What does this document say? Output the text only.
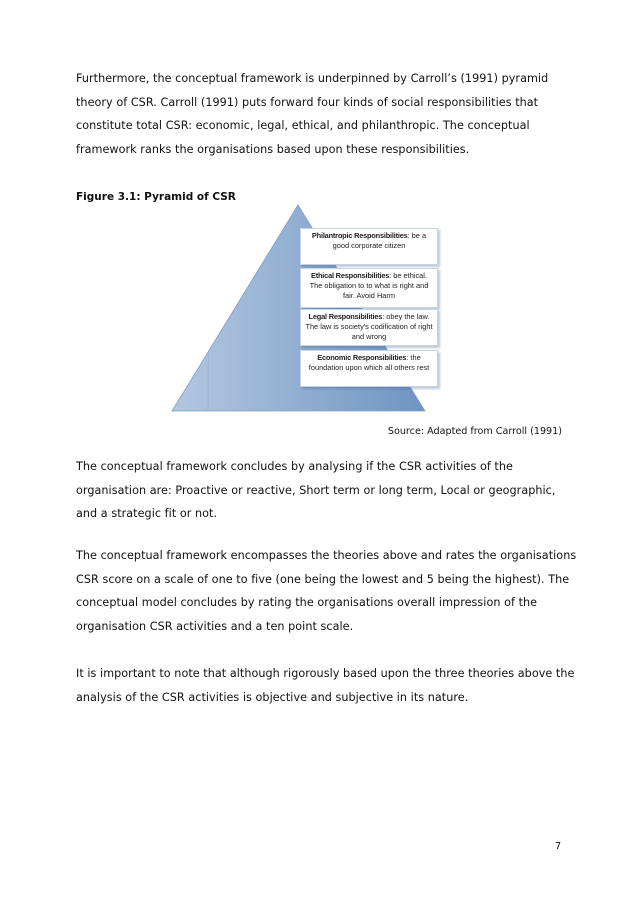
Furthermore, the conceptual framework is underpinned by Carroll’s (1991) pyramid
theory of CSR. Carroll (1991) puts forward four kinds of social responsibilities that
constitute total CSR: economic, legal, ethical, and philanthropic. The conceptual
framework ranks the organisations based upon these responsibilities.

Figure 3.1: Pyramid of CSR

Philantropic Responsibilities: be a good corporate citizen
Ethical Responsibilities: be ethical. The obligation to to what is right and fair. Avoid Harm
Legal Responsibilities: obey the law. The law is society's codification of right and wrong
Economic Responsibilities: the foundation upon which all others rest

Source: Adapted from Carroll (1991)

The conceptual framework concludes by analysing if the CSR activities of the
organisation are: Proactive or reactive, Short term or long term, Local or geographic,
and a strategic fit or not.

The conceptual framework encompasses the theories above and rates the organisations
CSR score on a scale of one to five (one being the lowest and 5 being the highest). The
conceptual model concludes by rating the organisations overall impression of the
organisation CSR activities and a ten point scale.

It is important to note that although rigorously based upon the three theories above the
analysis of the CSR activities is objective and subjective in its nature.

7
